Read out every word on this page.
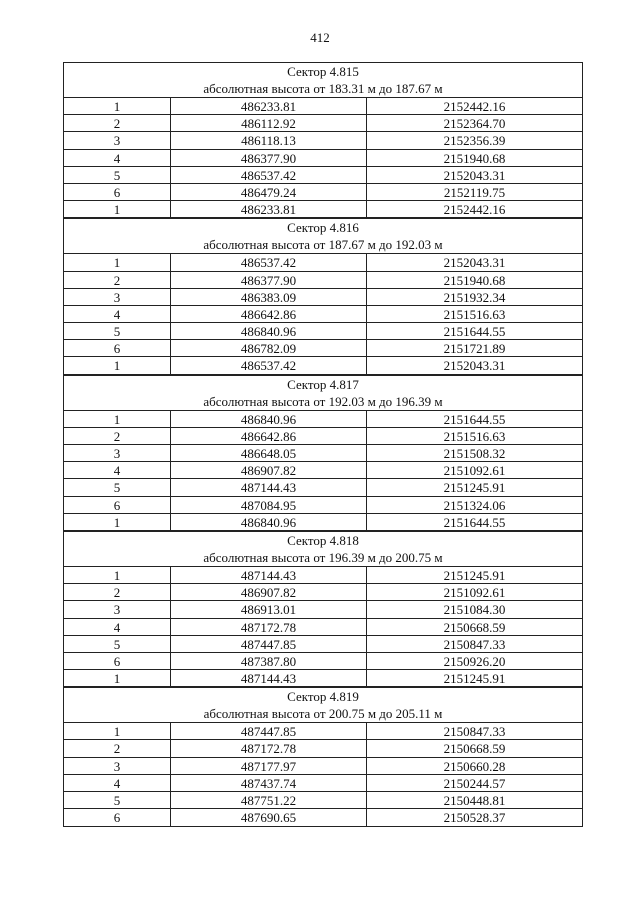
412
Сектор 4.815
абсолютная высота от 183.31 м до 187.67 м
1	486233.81	2152442.16
2	486112.92	2152364.70
3	486118.13	2152356.39
4	486377.90	2151940.68
5	486537.42	2152043.31
6	486479.24	2152119.75
1	486233.81	2152442.16
Сектор 4.816
абсолютная высота от 187.67 м до 192.03 м
1	486537.42	2152043.31
2	486377.90	2151940.68
3	486383.09	2151932.34
4	486642.86	2151516.63
5	486840.96	2151644.55
6	486782.09	2151721.89
1	486537.42	2152043.31
Сектор 4.817
абсолютная высота от 192.03 м до 196.39 м
1	486840.96	2151644.55
2	486642.86	2151516.63
3	486648.05	2151508.32
4	486907.82	2151092.61
5	487144.43	2151245.91
6	487084.95	2151324.06
1	486840.96	2151644.55
Сектор 4.818
абсолютная высота от 196.39 м до 200.75 м
1	487144.43	2151245.91
2	486907.82	2151092.61
3	486913.01	2151084.30
4	487172.78	2150668.59
5	487447.85	2150847.33
6	487387.80	2150926.20
1	487144.43	2151245.91
Сектор 4.819
абсолютная высота от 200.75 м до 205.11 м
1	487447.85	2150847.33
2	487172.78	2150668.59
3	487177.97	2150660.28
4	487437.74	2150244.57
5	487751.22	2150448.81
6	487690.65	2150528.37
